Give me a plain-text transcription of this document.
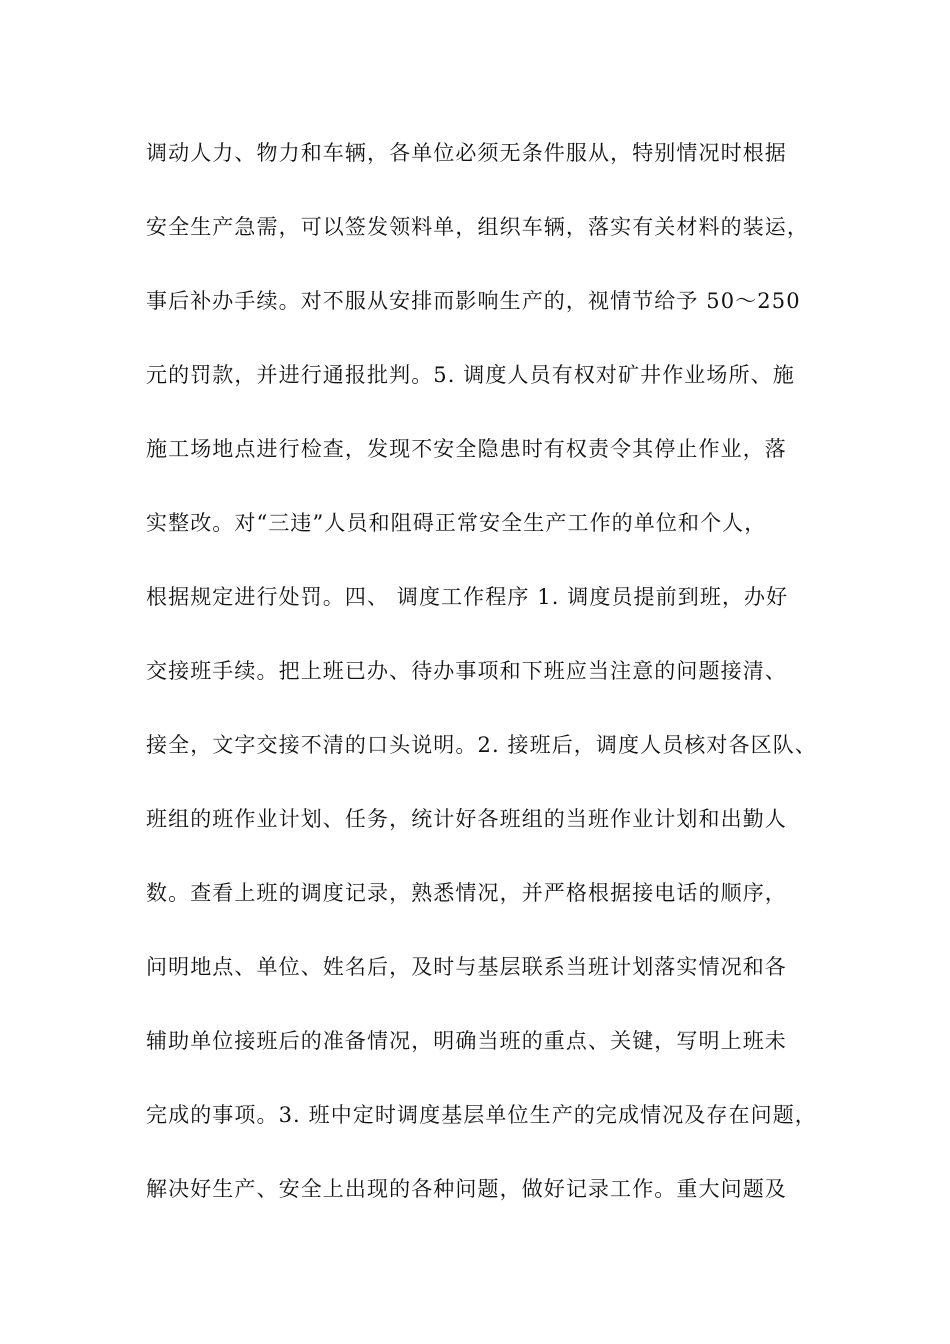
调动人力、物力和车辆，各单位必须无条件服从，特别情况时根据
安全生产急需，可以签发领料单，组织车辆，落实有关材料的装运，
事后补办手续。对不服从安排而影响生产的，视情节给予 50～250
元的罚款，并进行通报批判。5. 调度人员有权对矿井作业场所、施
施工场地点进行检查，发现不安全隐患时有权责令其停止作业，落
实整改。对“三违”人员和阻碍正常安全生产工作的单位和个人，
根据规定进行处罚。四、 调度工作程序 1. 调度员提前到班，办好
交接班手续。把上班已办、待办事项和下班应当注意的问题接清、
接全，文字交接不清的口头说明。2. 接班后，调度人员核对各区队、
班组的班作业计划、任务，统计好各班组的当班作业计划和出勤人
数。查看上班的调度记录，熟悉情况，并严格根据接电话的顺序，
问明地点、单位、姓名后，及时与基层联系当班计划落实情况和各
辅助单位接班后的准备情况，明确当班的重点、关键，写明上班未
完成的事项。3. 班中定时调度基层单位生产的完成情况及存在问题，
解决好生产、安全上出现的各种问题，做好记录工作。重大问题及
